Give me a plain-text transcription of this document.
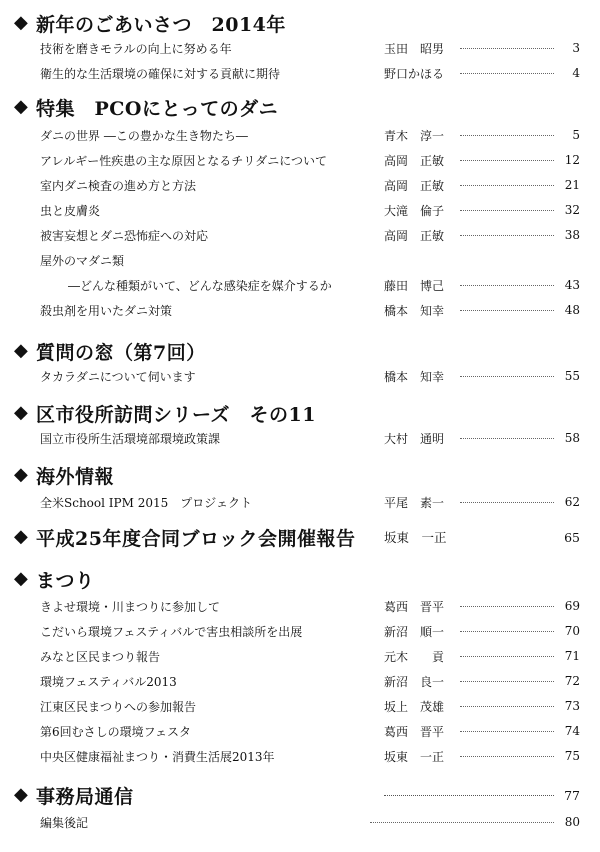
◆ 新年のごあいさつ　2014年
技術を磨きモラルの向上に努める年	玉田　昭男	3
衛生的な生活環境の確保に対する貢献に期待	野口かほる	4
◆ 特集　PCOにとってのダニ
ダニの世界 ―この豊かな生き物たち―	青木　淳一	5
アレルギー性疾患の主な原因となるチリダニについて	高岡　正敏	12
室内ダニ検査の進め方と方法	高岡　正敏	21
虫と皮膚炎	大滝　倫子	32
被害妄想とダニ恐怖症への対応	高岡　正敏	38
屋外のマダニ類
―どんな種類がいて、どんな感染症を媒介するか	藤田　博己	43
殺虫剤を用いたダニ対策	橋本　知幸	48
◆ 質問の窓（第7回）
タカラダニについて伺います	橋本　知幸	55
◆ 区市役所訪問シリーズ　その11
国立市役所生活環境部環境政策課	大村　通明	58
◆ 海外情報
全米School IPM 2015　プロジェクト	平尾　素一	62
◆ 平成25年度合同ブロック会開催報告 坂東　一正	65
◆ まつり
きよせ環境・川まつりに参加して	葛西　晋平	69
こだいら環境フェスティバルで害虫相談所を出展	新沼　順一	70
みなと区民まつり報告	元木　　貢	71
環境フェスティバル2013	新沼　良一	72
江東区民まつりへの参加報告	坂上　茂雄	73
第6回むさしの環境フェスタ	葛西　晋平	74
中央区健康福祉まつり・消費生活展2013年	坂東　一正	75
◆ 事務局通信	77
編集後記	80
